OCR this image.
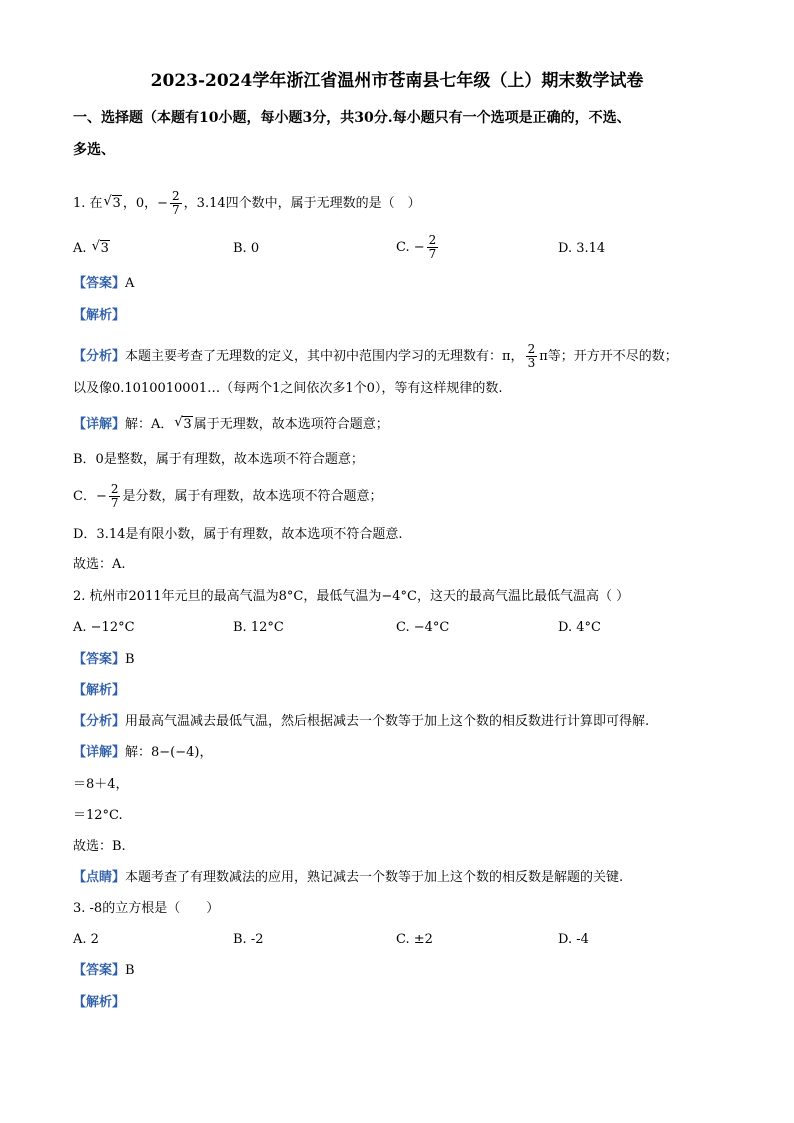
2023-2024学年浙江省温州市苍南县七年级（上）期末数学试卷
一、选择题（本题有10小题，每小题3分，共30分.每小题只有一个选项是正确的，不选、
多选、
1. 在 √ 3 ，0，− $\frac{2}{7}$ ，3.14四个数中，属于无理数的是（　）
A. √ 3	B. 0	C. − $\frac{2}{7}$	D. 3.14
【答案】A
【解析】
【分析】本题主要考查了无理数的定义，其中初中范围内学习的无理数有：π， $\frac{2}{3}$ π等；开方开不尽的数；
以及像0.1010010001…（每两个1之间依次多1个0），等有这样规律的数.
【详解】解：A． √ 3 属于无理数，故本选项符合题意；
B．0是整数，属于有理数，故本选项不符合题意；
C．− $\frac{2}{7}$ 是分数，属于有理数，故本选项不符合题意；
D．3.14是有限小数，属于有理数，故本选项不符合题意.
故选：A.
2. 杭州市2011年元旦的最高气温为8°C，最低气温为−4°C，这天的最高气温比最低气温高（ ）
A. −12°C	B. 12°C	C. −4°C	D. 4°C
【答案】B
【解析】
【分析】用最高气温减去最低气温，然后根据减去一个数等于加上这个数的相反数进行计算即可得解.
【详解】解：8−(−4)，
＝8＋4，
＝12°C.
故选：B.
【点睛】本题考查了有理数减法的应用，熟记减去一个数等于加上这个数的相反数是解题的关键.
3. -8的立方根是（　　）
A. 2	B. -2	C. ±2	D. -4
【答案】B
【解析】
